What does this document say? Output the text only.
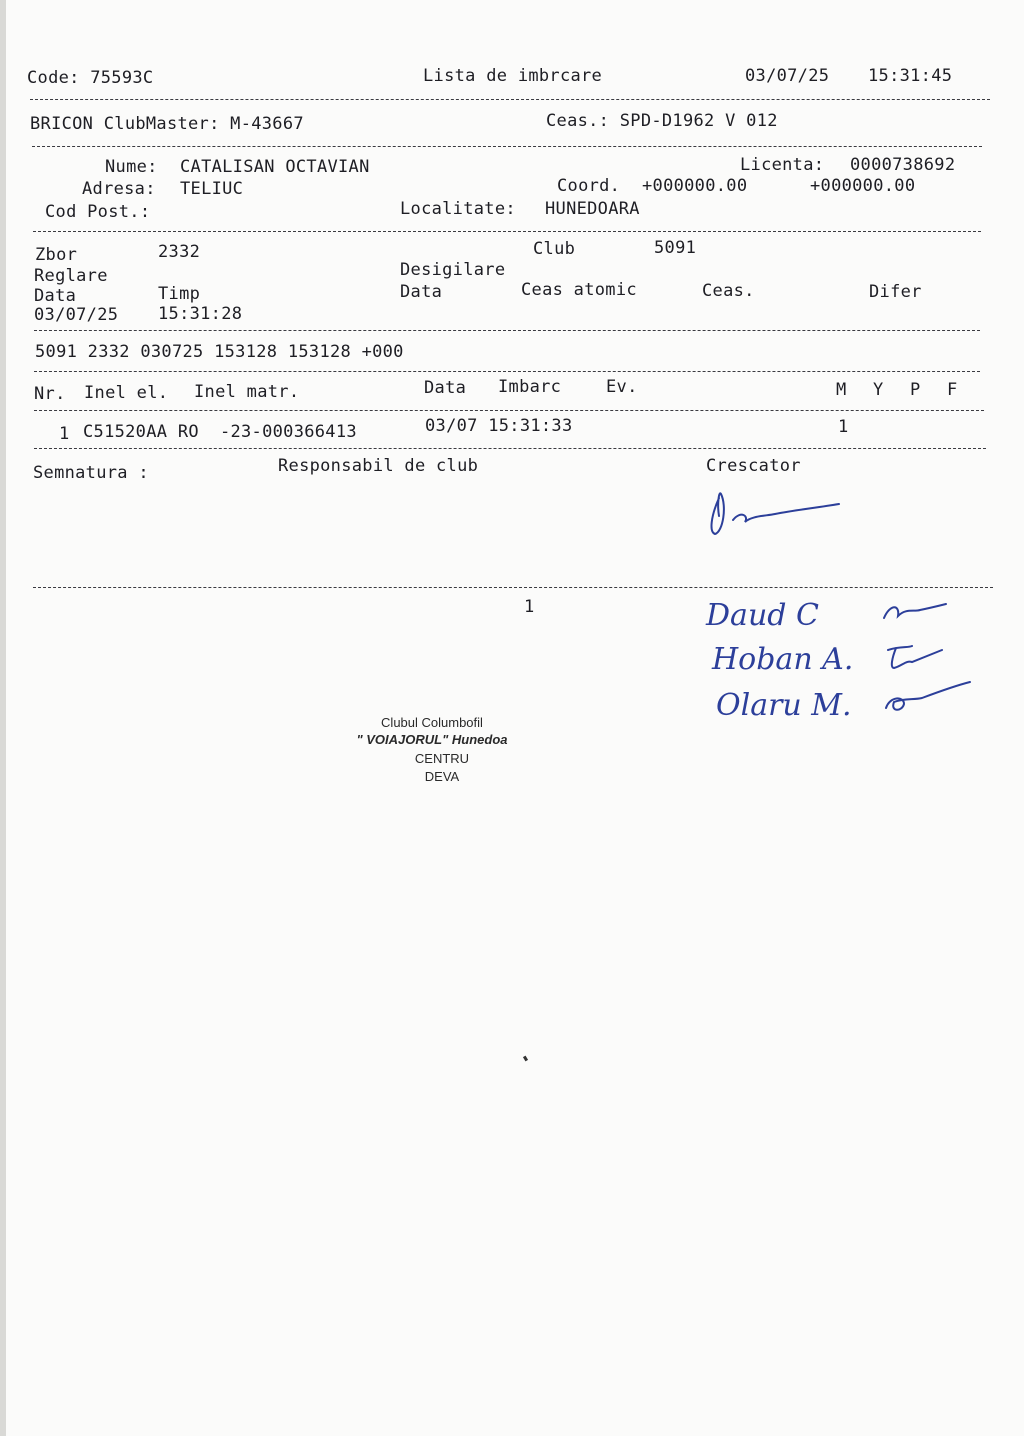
Code: 75593C	Lista de imbrcare	03/07/25 15:31:45
BRICON ClubMaster: M-43667	Ceas.: SPD-D1962 V 012
Nume: CATALISAN OCTAVIAN	Licenta: 0000738692
Adresa: TELIUC	Coord. +000000.00	+000000.00
Cod Post.:	Localitate: HUNEDOARA
Zbor	2332	Club	5091
Reglare	Desigilare
Data	Timp	Data	Ceas atomic	Ceas.	Difer
03/07/25 15:31:28
5091 2332 030725 153128 153128 +000
Nr. Inel el. Inel matr.	Data Imbarc	Ev.	M Y P F
1 C51520AA RO  -23-000366413	03/07 15:31:33	1
Semnatura :	Responsabil de club	Crescator
1	Daud C
Hoban A.
Olaru M.
Clubul Columbofil
" VOIAJORUL" Hunedoa
CENTRU
DEVA
